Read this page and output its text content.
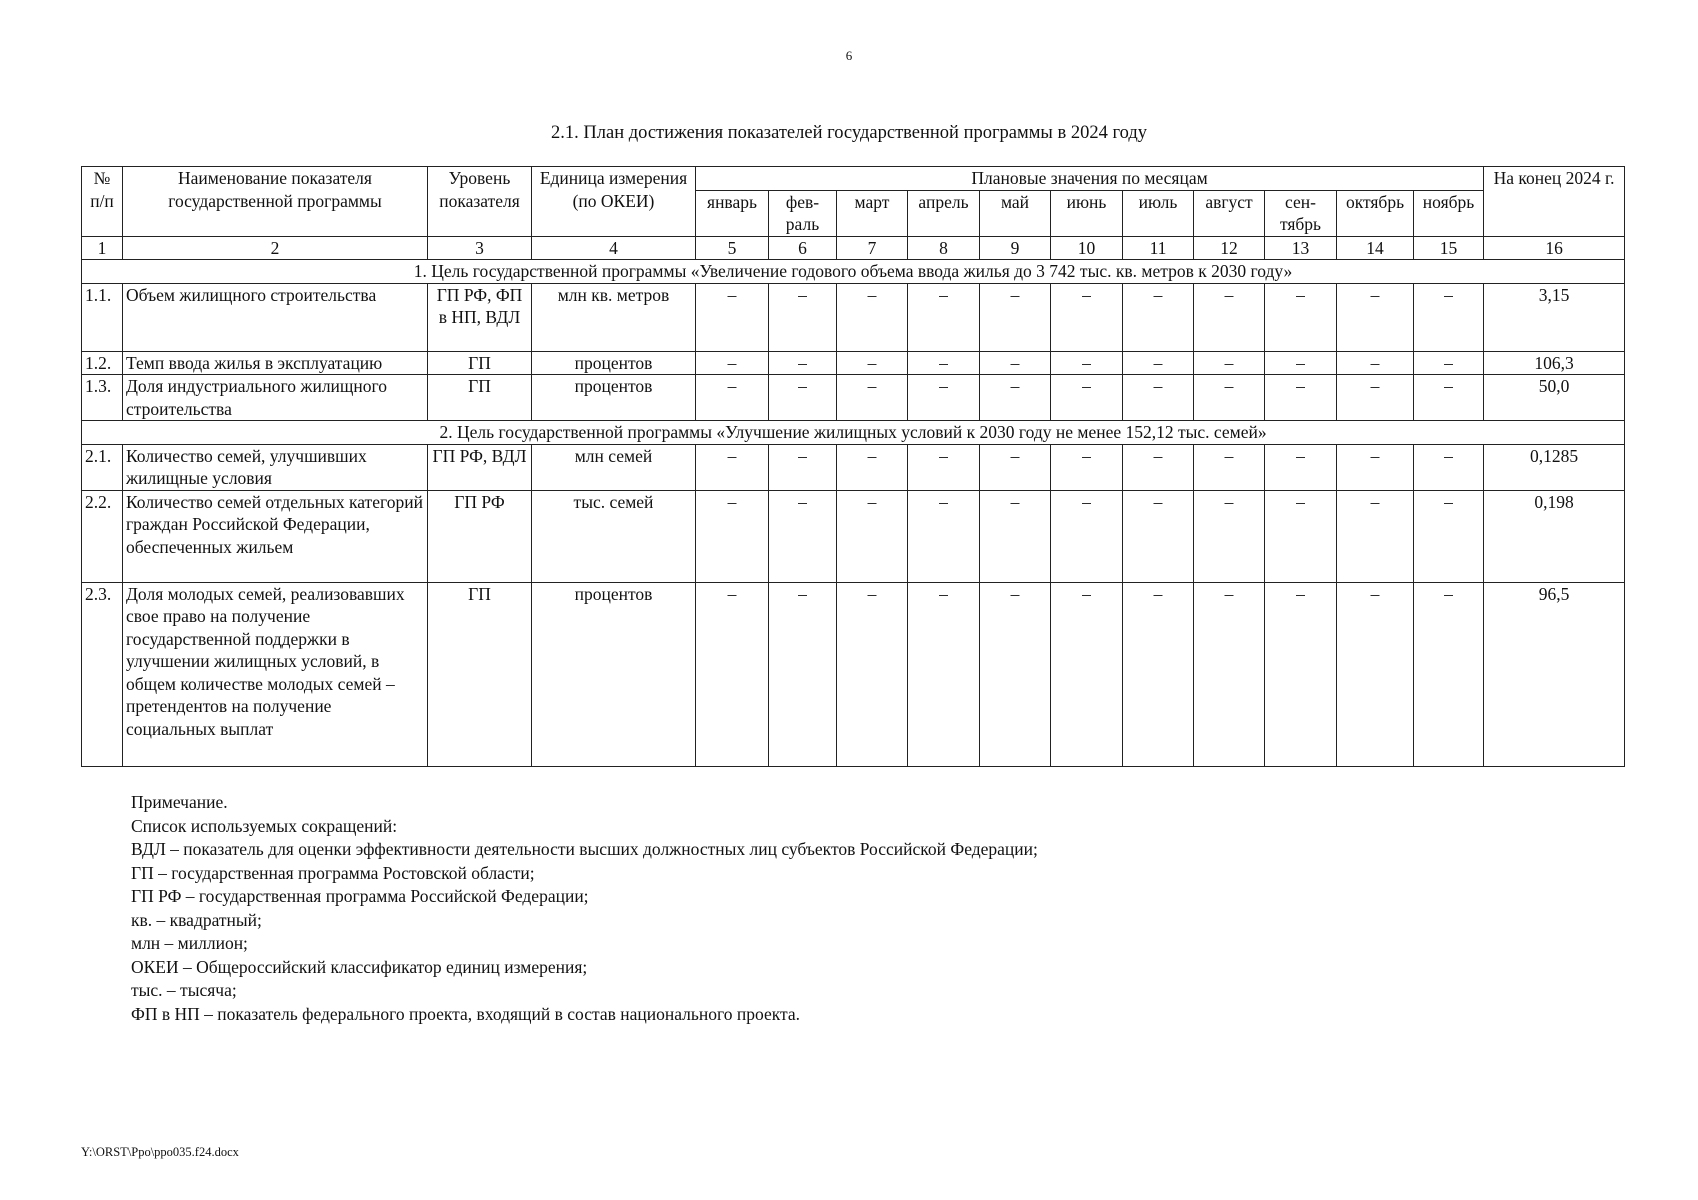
6
2.1. План достижения показателей государственной программы в 2024 году
№ п/п	Наименование показателя государственной программы	Уровень показателя	Единица измерения (по ОКЕИ)	Плановые значения по месяцам											На конец 2024 г.
				январь	фев-раль	март	апрель	май	июнь	июль	август	сен-тябрь	октябрь	ноябрь	
1	2	3	4	5	6	7	8	9	10	11	12	13	14	15	16
1. Цель государственной программы «Увеличение годового объема ввода жилья до 3 742 тыс. кв. метров к 2030 году»															
1.1.	Объем жилищного строительства	ГП РФ, ФП в НП, ВДЛ	млн кв. метров	–	–	–	–	–	–	–	–	–	–	–	3,15
1.2.	Темп ввода жилья в эксплуатацию	ГП	процентов	–	–	–	–	–	–	–	–	–	–	–	106,3
1.3.	Доля индустриального жилищного строительства	ГП	процентов	–	–	–	–	–	–	–	–	–	–	–	50,0
2. Цель государственной программы «Улучшение жилищных условий к 2030 году не менее 152,12 тыс. семей»															
2.1.	Количество семей, улучшивших жилищные условия	ГП РФ, ВДЛ	млн семей	–	–	–	–	–	–	–	–	–	–	–	0,1285
2.2.	Количество семей отдельных категорий граждан Российской Федерации, обеспеченных жильем	ГП РФ	тыс. семей	–	–	–	–	–	–	–	–	–	–	–	0,198
2.3.	Доля молодых семей, реализовавших свое право на получение государственной поддержки в улучшении жилищных условий, в общем количестве молодых семей – претендентов на получение социальных выплат	ГП	процентов	–	–	–	–	–	–	–	–	–	–	–	96,5
Примечание.
Список используемых сокращений:
ВДЛ – показатель для оценки эффективности деятельности высших должностных лиц субъектов Российской Федерации;
ГП – государственная программа Ростовской области;
ГП РФ – государственная программа Российской Федерации;
кв. – квадратный;
млн – миллион;
ОКЕИ – Общероссийский классификатор единиц измерения;
тыс. – тысяча;
ФП в НП – показатель федерального проекта, входящий в состав национального проекта.
Y:\ORST\Ppo\ppo035.f24.docx
